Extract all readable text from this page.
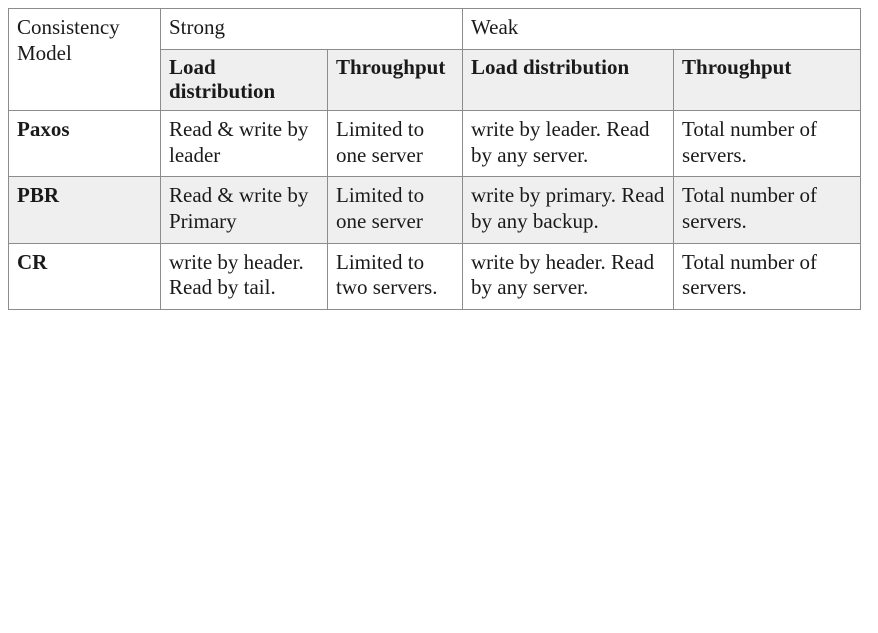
Consistency Model	Strong		Weak	
	Load distribution	Throughput	Load distribution	Throughput
Paxos	Read & write by leader	Limited to one server	write by leader. Read by any server.	Total number of servers.
PBR	Read & write by Primary	Limited to one server	write by primary. Read by any backup.	Total number of servers.
CR	write by header. Read by tail.	Limited to two servers.	write by header. Read by any server.	Total number of servers.
